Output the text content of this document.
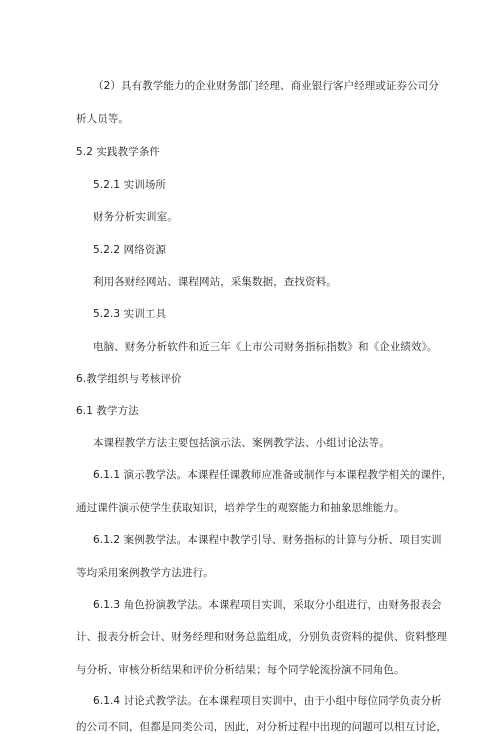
（2）具有教学能力的企业财务部门经理、商业银行客户经理或证券公司分
析人员等。
5.2 实践教学条件
5.2.1 实训场所
财务分析实训室。
5.2.2 网络资源
利用各财经网站、课程网站，采集数据，查找资料。
5.2.3 实训工具
电脑、财务分析软件和近三年《上市公司财务指标指数》和《企业绩效》。
6.教学组织与考核评价
6.1 教学方法
本课程教学方法主要包括演示法、案例教学法、小组讨论法等。
6.1.1 演示教学法。本课程任课教师应准备或制作与本课程教学相关的课件，
通过课件演示使学生获取知识，培养学生的观察能力和抽象思维能力。
6.1.2 案例教学法。本课程中教学引导、财务指标的计算与分析、项目实训
等均采用案例教学方法进行。
6.1.3 角色扮演教学法。本课程项目实训，采取分小组进行，由财务报表会
计、报表分析会计、财务经理和财务总监组成，分别负责资料的提供、资料整理
与分析、审核分析结果和评价分析结果；每个同学轮流扮演不同角色。
6.1.4 讨论式教学法。在本课程项目实训中，由于小组中每位同学负责分析
的公司不同，但都是同类公司，因此，对分析过程中出现的问题可以相互讨论，
